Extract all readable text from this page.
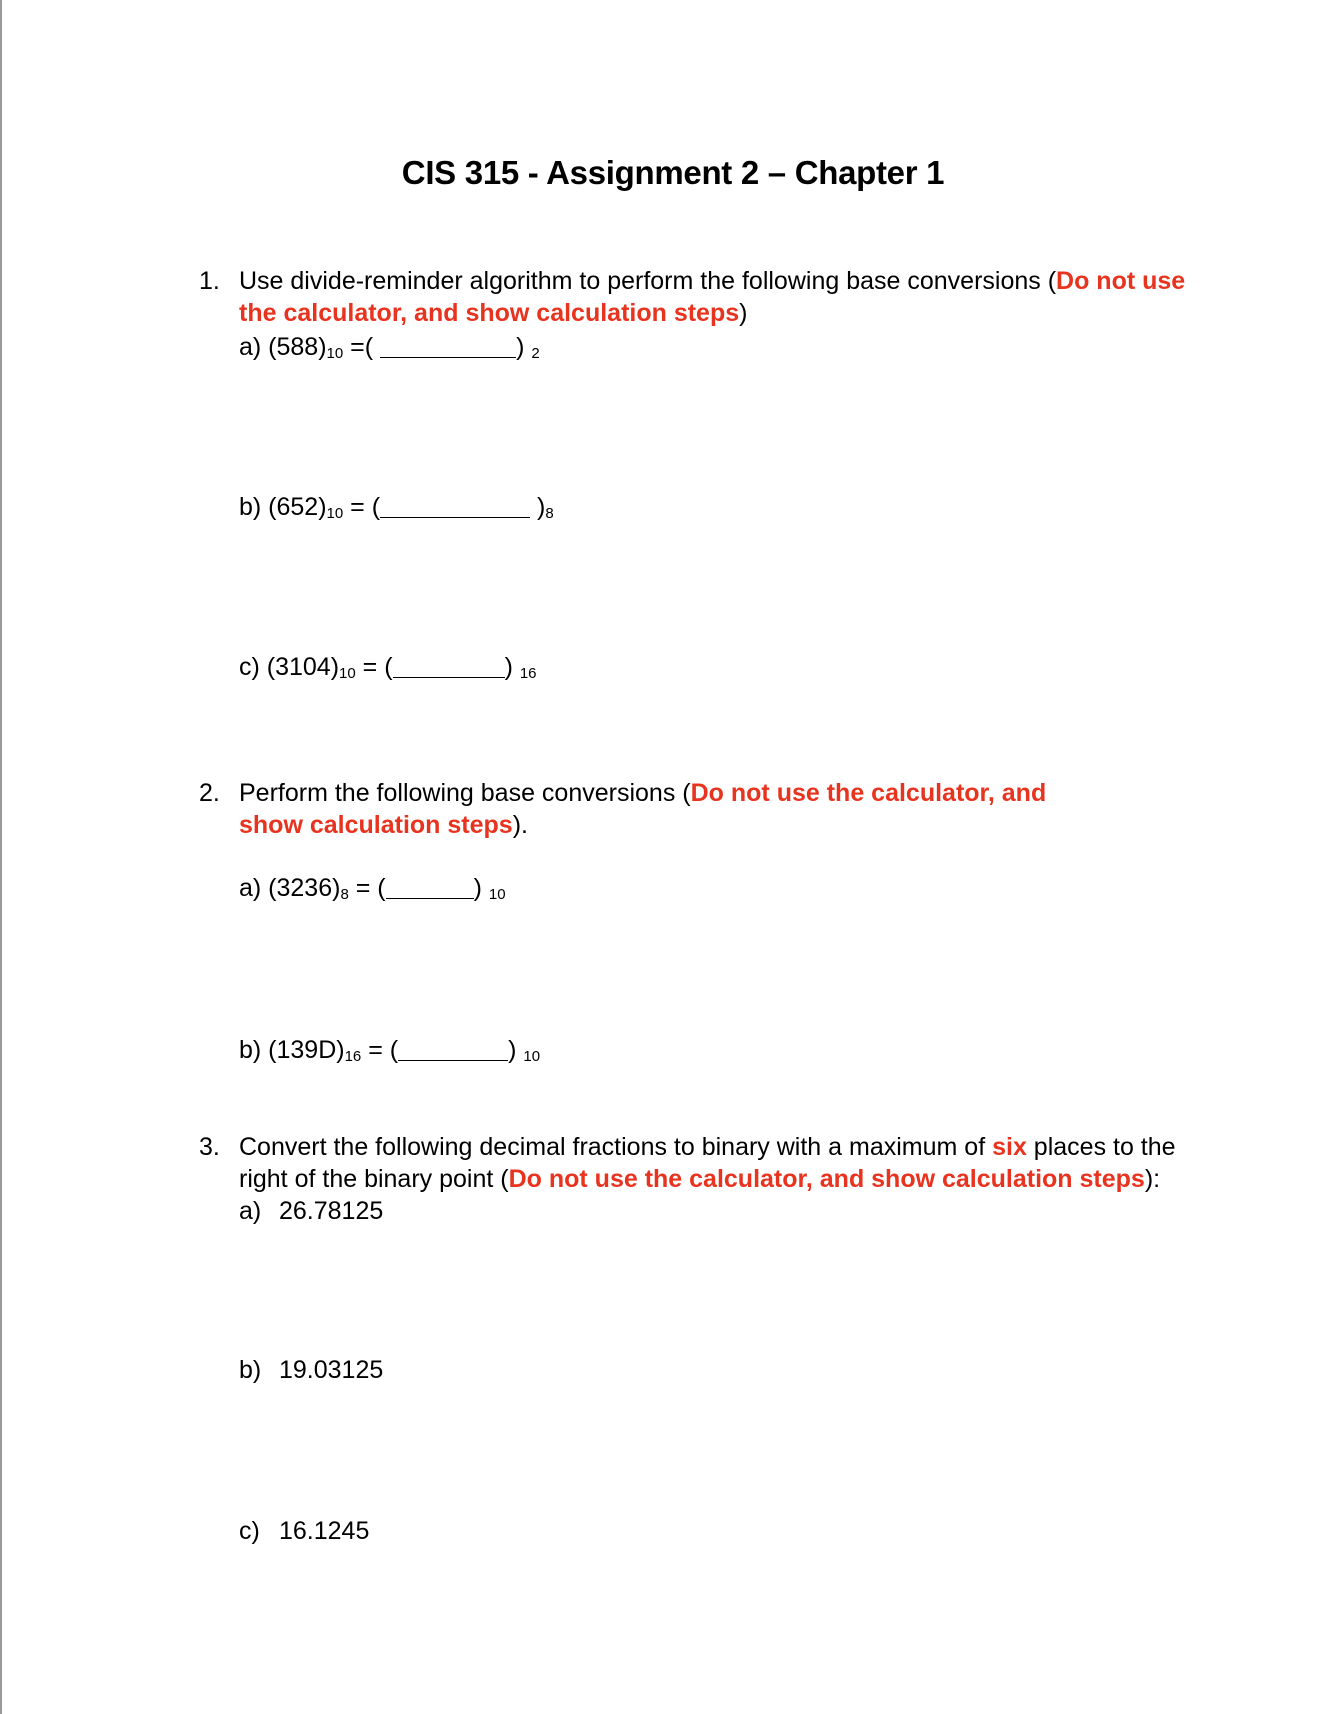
CIS 315 - Assignment 2 – Chapter 1
1. Use divide-reminder algorithm to perform the following base conversions (Do not use the calculator, and show calculation steps)
a) (588)10 =(	) 2
b) (652)10 = (	)8
c) (3104)10 = (	) 16
2. Perform the following base conversions (Do not use the calculator, and show calculation steps).
a) (3236)8 = (	) 10
b) (139D)16 = (	) 10
3. Convert the following decimal fractions to binary with a maximum of six places to the right of the binary point (Do not use the calculator, and show calculation steps):
a) 26.78125
b) 19.03125
c) 16.1245
